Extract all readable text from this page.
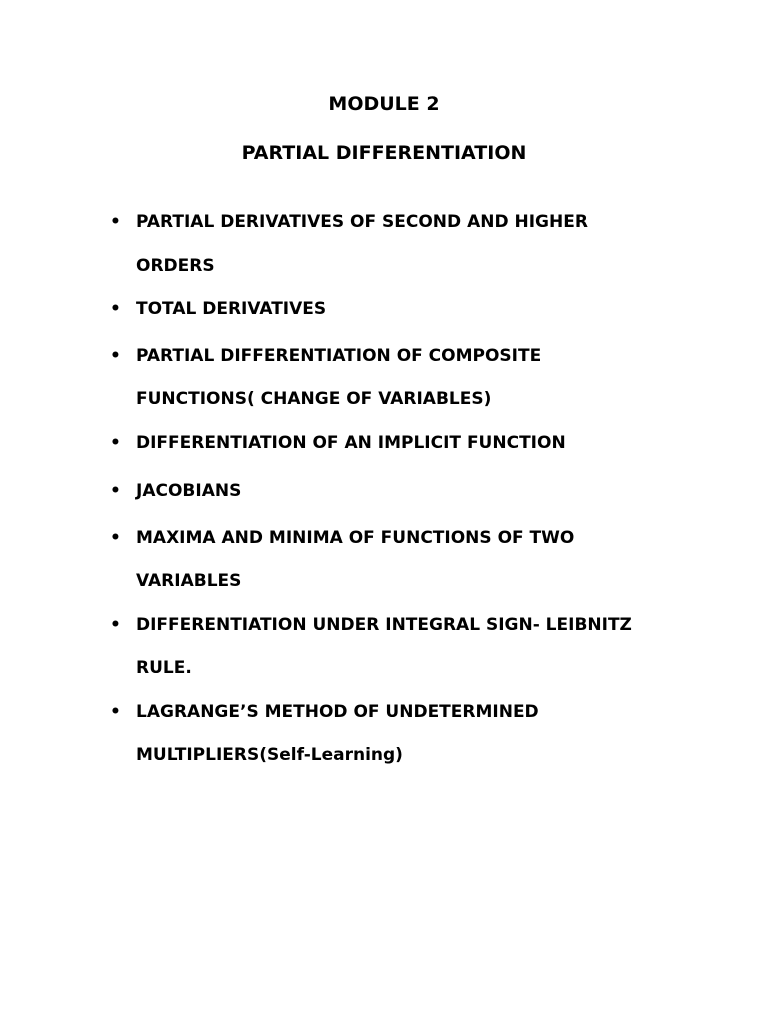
MODULE 2
PARTIAL DIFFERENTIATION
• PARTIAL DERIVATIVES OF SECOND AND HIGHER
ORDERS
• TOTAL DERIVATIVES
• PARTIAL DIFFERENTIATION OF COMPOSITE
FUNCTIONS( CHANGE OF VARIABLES)
• DIFFERENTIATION OF AN IMPLICIT FUNCTION
• JACOBIANS
• MAXIMA AND MINIMA OF FUNCTIONS OF TWO
VARIABLES
• DIFFERENTIATION UNDER INTEGRAL SIGN- LEIBNITZ
RULE.
• LAGRANGE’S METHOD OF UNDETERMINED
MULTIPLIERS(Self-Learning)
